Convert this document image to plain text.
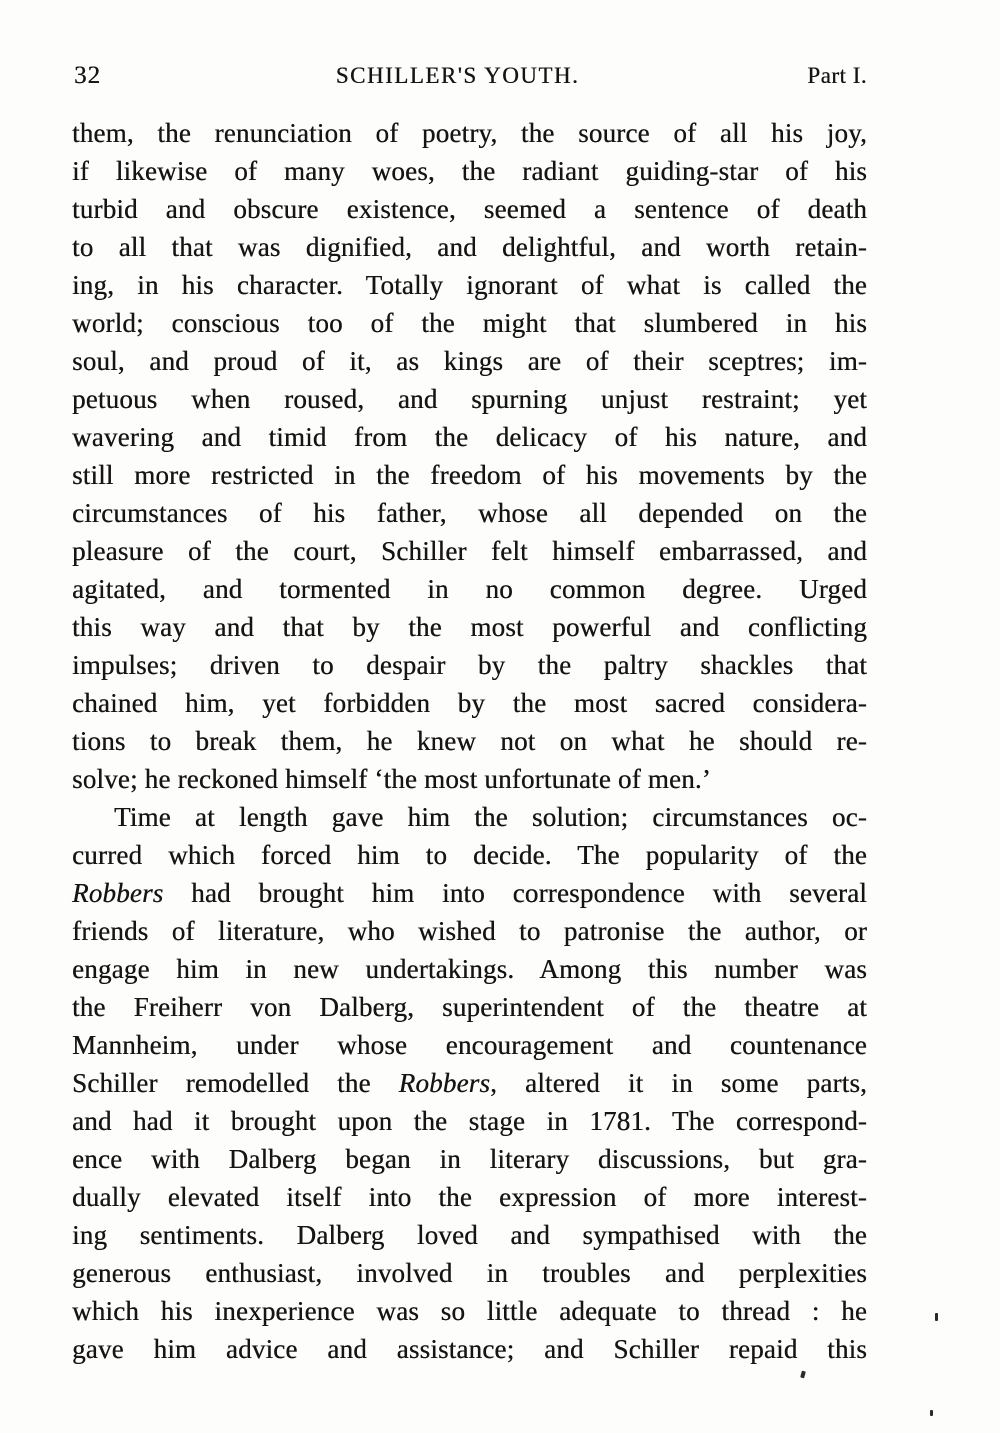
32	SCHILLER'S YOUTH.	Part I.
them, the renunciation of poetry, the source of all his joy,
if likewise of many woes, the radiant guiding-star of his
turbid and obscure existence, seemed a sentence of death
to all that was dignified, and delightful, and worth retain-
ing, in his character. Totally ignorant of what is called the
world; conscious too of the might that slumbered in his
soul, and proud of it, as kings are of their sceptres; im-
petuous when roused, and spurning unjust restraint; yet
wavering and timid from the delicacy of his nature, and
still more restricted in the freedom of his movements by the
circumstances of his father, whose all depended on the
pleasure of the court, Schiller felt himself embarrassed, and
agitated, and tormented in no common degree. Urged
this way and that by the most powerful and conflicting
impulses; driven to despair by the paltry shackles that
chained him, yet forbidden by the most sacred considera-
tions to break them, he knew not on what he should re-
solve; he reckoned himself ‘the most unfortunate of men.’
Time at length gave him the solution; circumstances oc-
curred which forced him to decide. The popularity of the
Robbers had brought him into correspondence with several
friends of literature, who wished to patronise the author, or
engage him in new undertakings. Among this number was
the Freiherr von Dalberg, superintendent of the theatre at
Mannheim, under whose encouragement and countenance
Schiller remodelled the Robbers, altered it in some parts,
and had it brought upon the stage in 1781. The correspond-
ence with Dalberg began in literary discussions, but gra-
dually elevated itself into the expression of more interest-
ing sentiments. Dalberg loved and sympathised with the
generous enthusiast, involved in troubles and perplexities
which his inexperience was so little adequate to thread : he
gave him advice and assistance; and Schiller repaid this
